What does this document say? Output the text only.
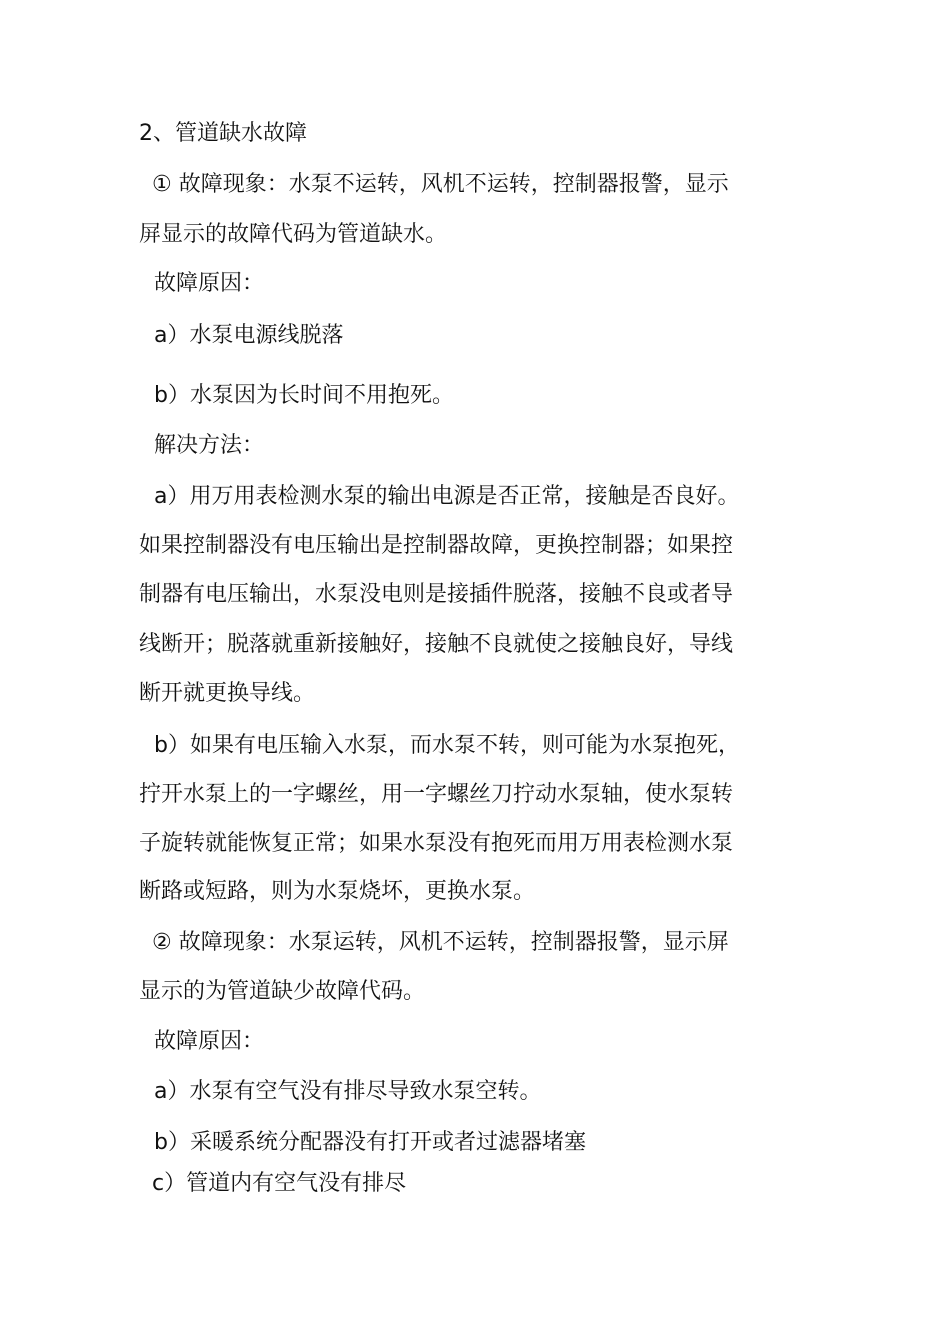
2、管道缺水故障

① 故障现象：水泵不运转，风机不运转，控制器报警，显示

屏显示的故障代码为管道缺水。

故障原因：

a）水泵电源线脱落

b）水泵因为长时间不用抱死。

解决方法：

a）用万用表检测水泵的输出电源是否正常，接触是否良好。

如果控制器没有电压输出是控制器故障，更换控制器；如果控

制器有电压输出，水泵没电则是接插件脱落，接触不良或者导

线断开；脱落就重新接触好，接触不良就使之接触良好，导线

断开就更换导线。

b）如果有电压输入水泵，而水泵不转，则可能为水泵抱死，

拧开水泵上的一字螺丝，用一字螺丝刀拧动水泵轴，使水泵转

子旋转就能恢复正常；如果水泵没有抱死而用万用表检测水泵

断路或短路，则为水泵烧坏，更换水泵。

② 故障现象：水泵运转，风机不运转，控制器报警，显示屏

显示的为管道缺少故障代码。

故障原因：

a）水泵有空气没有排尽导致水泵空转。

b）采暖系统分配器没有打开或者过滤器堵塞

c）管道内有空气没有排尽
